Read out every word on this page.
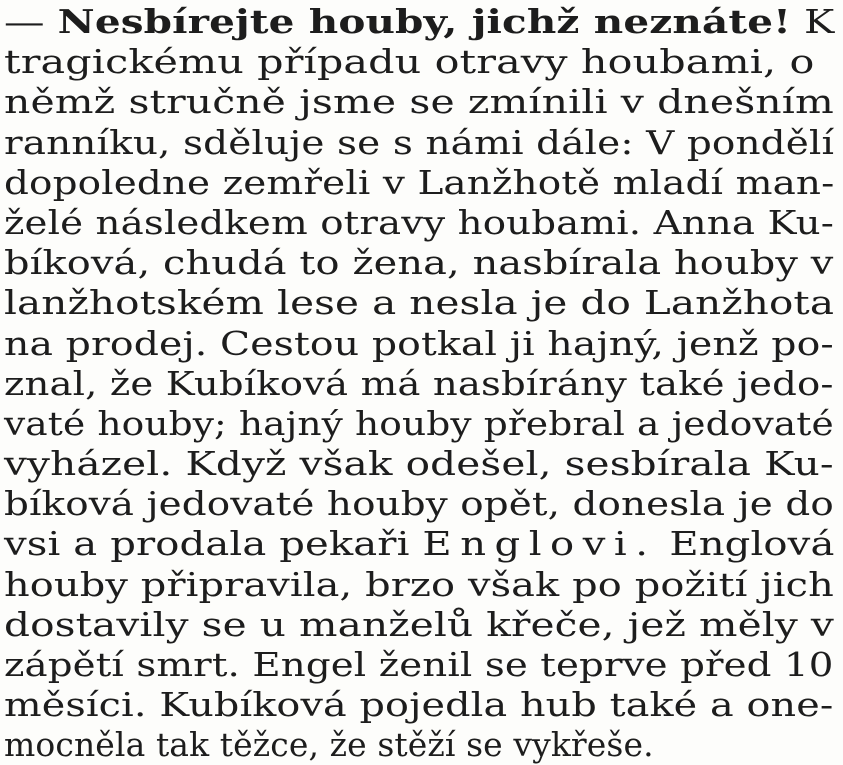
— Nesbírejte houby, jichž neznáte! K
tragickému případu otravy houbami, o
němž stručně jsme se zmínili v dnešním
ranníku, sděluje se s námi dále: V pondělí
dopoledne zemřeli v Lanžhotě mladí man-
želé následkem otravy houbami. Anna Ku-
bíková, chudá to žena, nasbírala houby v
lanžhotském lese a nesla je do Lanžhota
na prodej. Cestou potkal ji hajný, jenž po-
znal, že Kubíková má nasbírány také jedo-
vaté houby; hajný houby přebral a jedovaté
vyházel. Když však odešel, sesbírala Ku-
bíková jedovaté houby opět, donesla je do
vsi a prodala pekaři Englovi. Englová
houby připravila, brzo však po požití jich
dostavily se u manželů křeče, jež měly v
zápětí smrt. Engel ženil se teprve před 10
měsíci. Kubíková pojedla hub také a one-
mocněla tak těžce, že stěží se vykřeše.
